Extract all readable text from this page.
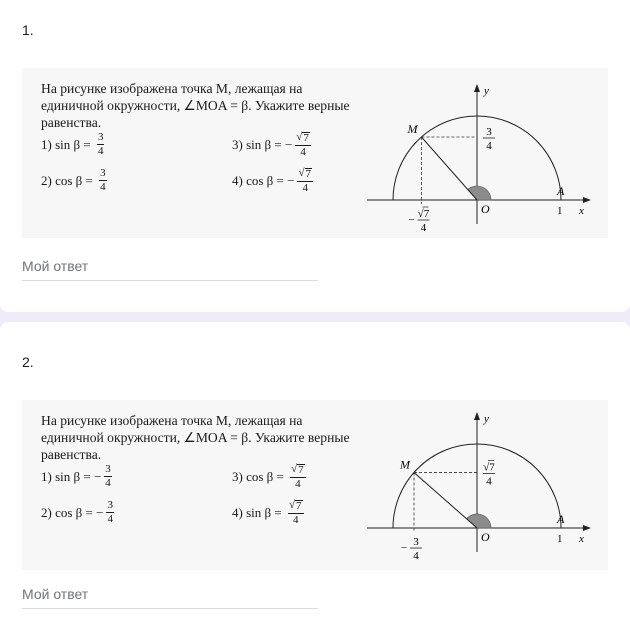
1.
На рисунке изображена точка M, лежащая на единичной окружности, ∠MOA = β. Укажите верные равенства.
1) sin β =
$\frac{3}{4}$
2) cos β =
$\frac{3}{4}$
3) sin β =
− $\frac{√ 7}{4}$
4) cos β =
− $\frac{√ 7}{4}$
M
A
O	1 x
y
3
4
− √7
4
Мой ответ
2.
На рисунке изображена точка M, лежащая на единичной окружности, ∠MOA = β. Укажите верные равенства.
1) sin β =
− $\frac{3}{4}$
2) cos β =
− $\frac{3}{4}$
3) cos β =
$\frac{√ 7}{4}$
4) sin β =
$\frac{√ 7}{4}$
M
A
O	1 x
y
√7
4
− 3
4
Мой ответ
